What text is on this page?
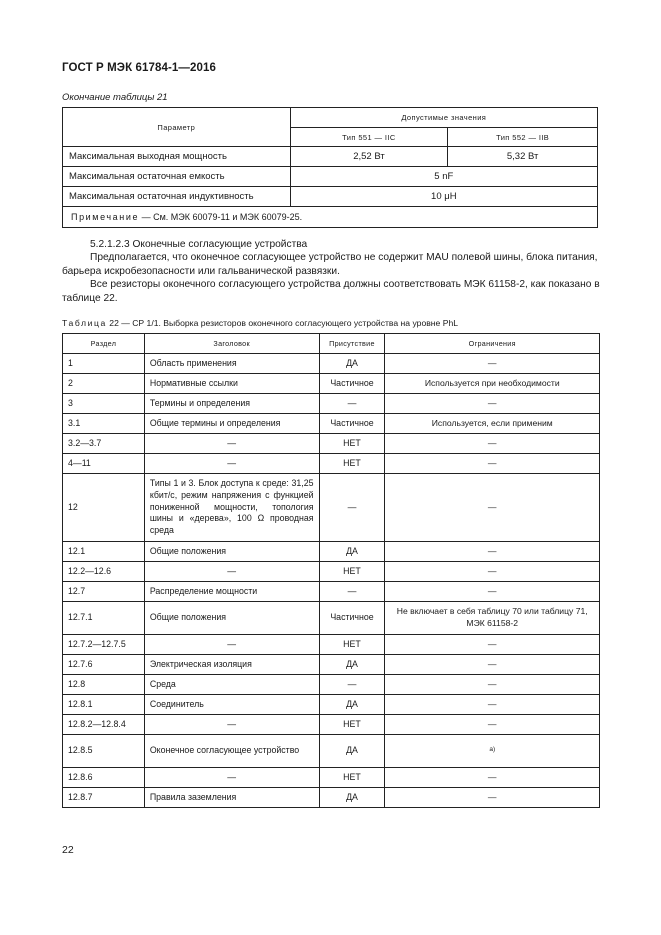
ГОСТ Р МЭК 61784-1—2016
Окончание таблицы 21
Параметр	Допустимые значения	
	Тип 551 — IIC	Тип 552 — IIB
Максимальная выходная мощность	2,52 Вт	5,32 Вт
Максимальная остаточная емкость	5 nF	
Максимальная остаточная индуктивность	10 μH	
Примечание — См. МЭК 60079-11 и МЭК 60079-25.		
5.2.1.2.3 Оконечные согласующие устройства
Предполагается, что оконечное согласующее устройство не содержит MAU полевой шины, блока питания, барьера искробезопасности или гальванической развязки.
Все резисторы оконечного согласующего устройства должны соответствовать МЭК 61158-2, как показано в таблице 22.
Таблица 22 — СР 1/1. Выборка резисторов оконечного согласующего устройства на уровне PhL
Раздел	Заголовок	Присутствие	Ограничения
1	Область применения	ДА	—
2	Нормативные ссылки	Частичное	Используется при необходимости
3	Термины и определения	—	—
3.1	Общие термины и определения	Частичное	Используется, если применим
3.2—3.7	—	НЕТ	—
4—11	—	НЕТ	—
12	Типы 1 и 3. Блок доступа к среде: 31,25 кбит/с, режим напряжения с функцией пониженной мощности, топология шины и «дерева», 100 Ω проводная среда	—	—
12.1	Общие положения	ДА	—
12.2—12.6	—	НЕТ	—
12.7	Распределение мощности	—	—
12.7.1	Общие положения	Частичное	Не включает в себя таблицу 70 или таблицу 71, МЭК 61158-2
12.7.2—12.7.5	—	НЕТ	—
12.7.6	Электрическая изоляция	ДА	—
12.8	Среда	—	—
12.8.1	Соединитель	ДА	—
12.8.2—12.8.4	—	НЕТ	—
12.8.5	Оконечное согласующее устройство	ДА	$^{a)}$
12.8.6	—	НЕТ	—
12.8.7	Правила заземления	ДА	—
22
